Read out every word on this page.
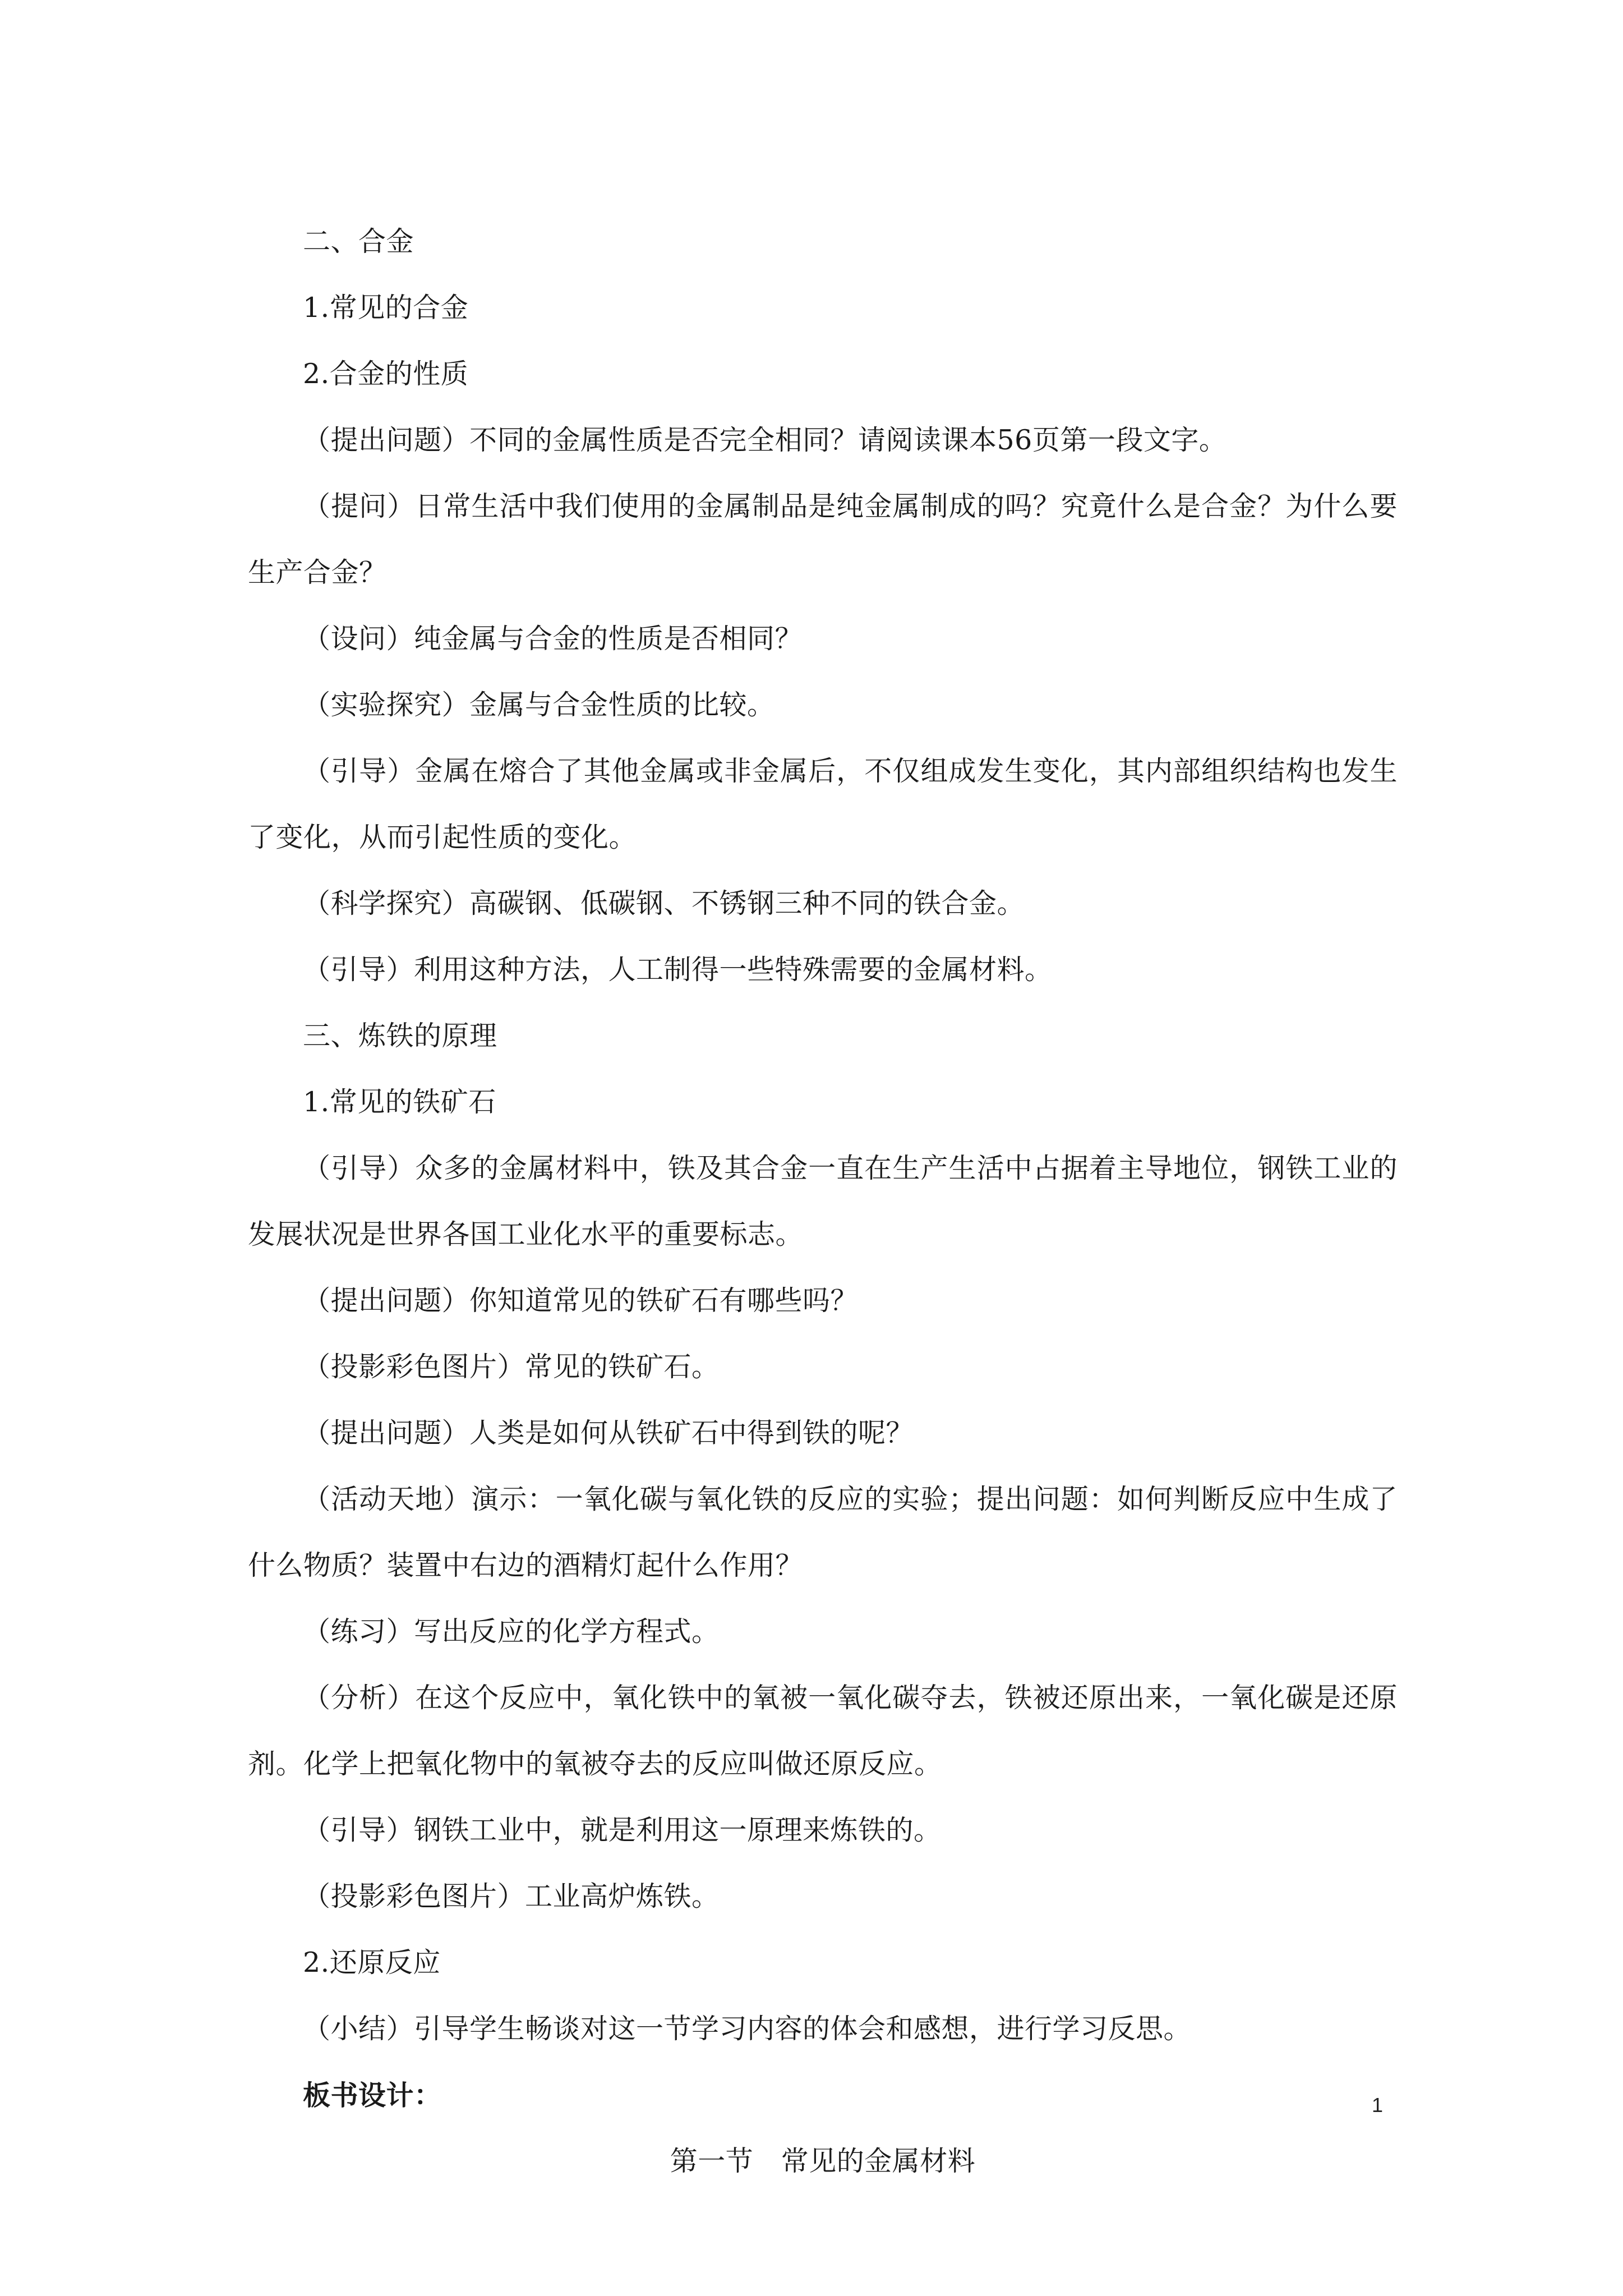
二、合金

1.常见的合金

2.合金的性质

（提出问题）不同的金属性质是否完全相同？请阅读课本56页第一段文字。

（提问）日常生活中我们使用的金属制品是纯金属制成的吗？究竟什么是合金？为什么要生产合金？

（设问）纯金属与合金的性质是否相同？

（实验探究）金属与合金性质的比较。

（引导）金属在熔合了其他金属或非金属后，不仅组成发生变化，其内部组织结构也发生了变化，从而引起性质的变化。

（科学探究）高碳钢、低碳钢、不锈钢三种不同的铁合金。

（引导）利用这种方法，人工制得一些特殊需要的金属材料。

三、炼铁的原理

1.常见的铁矿石

（引导）众多的金属材料中，铁及其合金一直在生产生活中占据着主导地位，钢铁工业的发展状况是世界各国工业化水平的重要标志。

（提出问题）你知道常见的铁矿石有哪些吗？

（投影彩色图片）常见的铁矿石。

（提出问题）人类是如何从铁矿石中得到铁的呢？

（活动天地）演示：一氧化碳与氧化铁的反应的实验；提出问题：如何判断反应中生成了什么物质？装置中右边的酒精灯起什么作用？

（练习）写出反应的化学方程式。

（分析）在这个反应中，氧化铁中的氧被一氧化碳夺去，铁被还原出来，一氧化碳是还原剂。化学上把氧化物中的氧被夺去的反应叫做还原反应。

（引导）钢铁工业中，就是利用这一原理来炼铁的。

（投影彩色图片）工业高炉炼铁。

2.还原反应

（小结）引导学生畅谈对这一节学习内容的体会和感想，进行学习反思。

板书设计：

第一节　常见的金属材料

1
